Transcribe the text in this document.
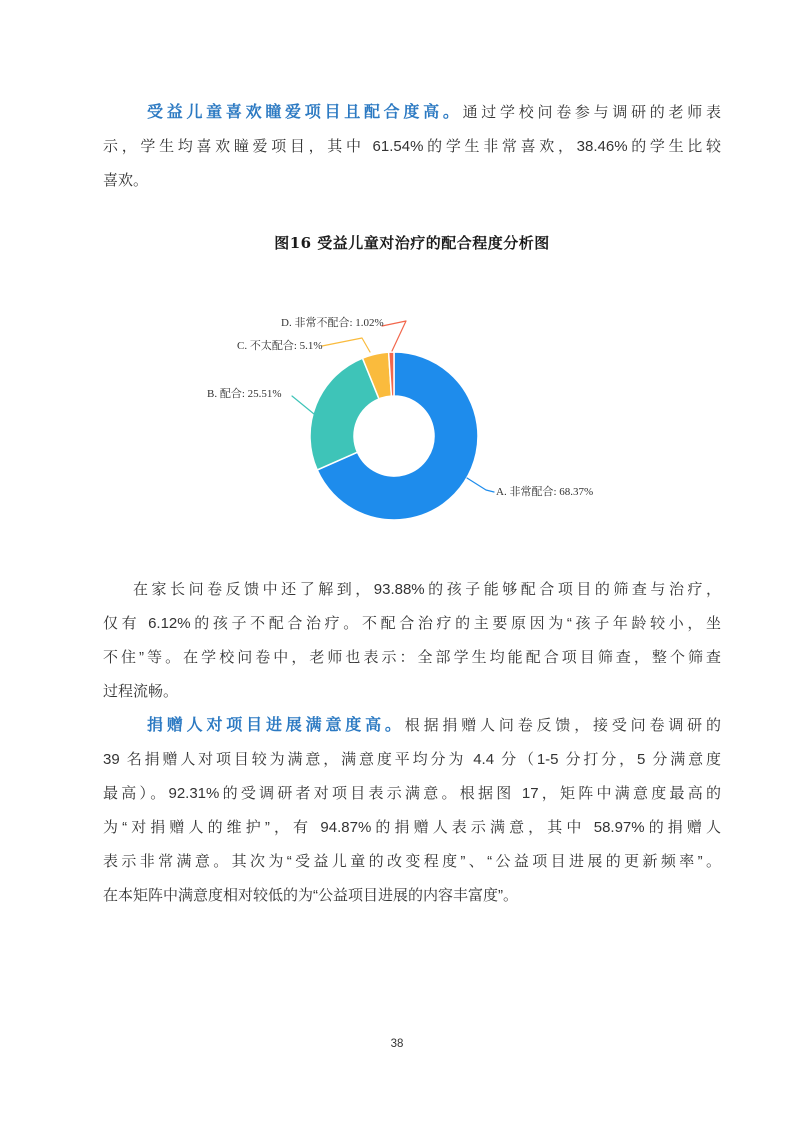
受益儿童喜欢瞳爱项目且配合度高。通过学校问卷参与调研的老师表
示，学生均喜欢瞳爱项目，其中 61.54%的学生非常喜欢，38.46%的学生比较
喜欢。
图16 受益儿童对治疗的配合程度分析图
D. 非常不配合: 1.02%
C. 不太配合: 5.1%
B. 配合: 25.51%
A. 非常配合: 68.37%
在家长问卷反馈中还了解到，93.88%的孩子能够配合项目的筛查与治疗，
仅有 6.12%的孩子不配合治疗。不配合治疗的主要原因为“孩子年龄较小，坐
不住”等。在学校问卷中，老师也表示：全部学生均能配合项目筛查，整个筛查
过程流畅。
捐赠人对项目进展满意度高。根据捐赠人问卷反馈，接受问卷调研的
39 名捐赠人对项目较为满意，满意度平均分为 4.4 分（1-5 分打分，5 分满意度
最高）。92.31%的受调研者对项目表示满意。根据图 17，矩阵中满意度最高的
为“对捐赠人的维护”，有 94.87%的捐赠人表示满意，其中 58.97%的捐赠人
表示非常满意。其次为“受益儿童的改变程度”、“公益项目进展的更新频率”。
在本矩阵中满意度相对较低的为“公益项目进展的内容丰富度”。
38
